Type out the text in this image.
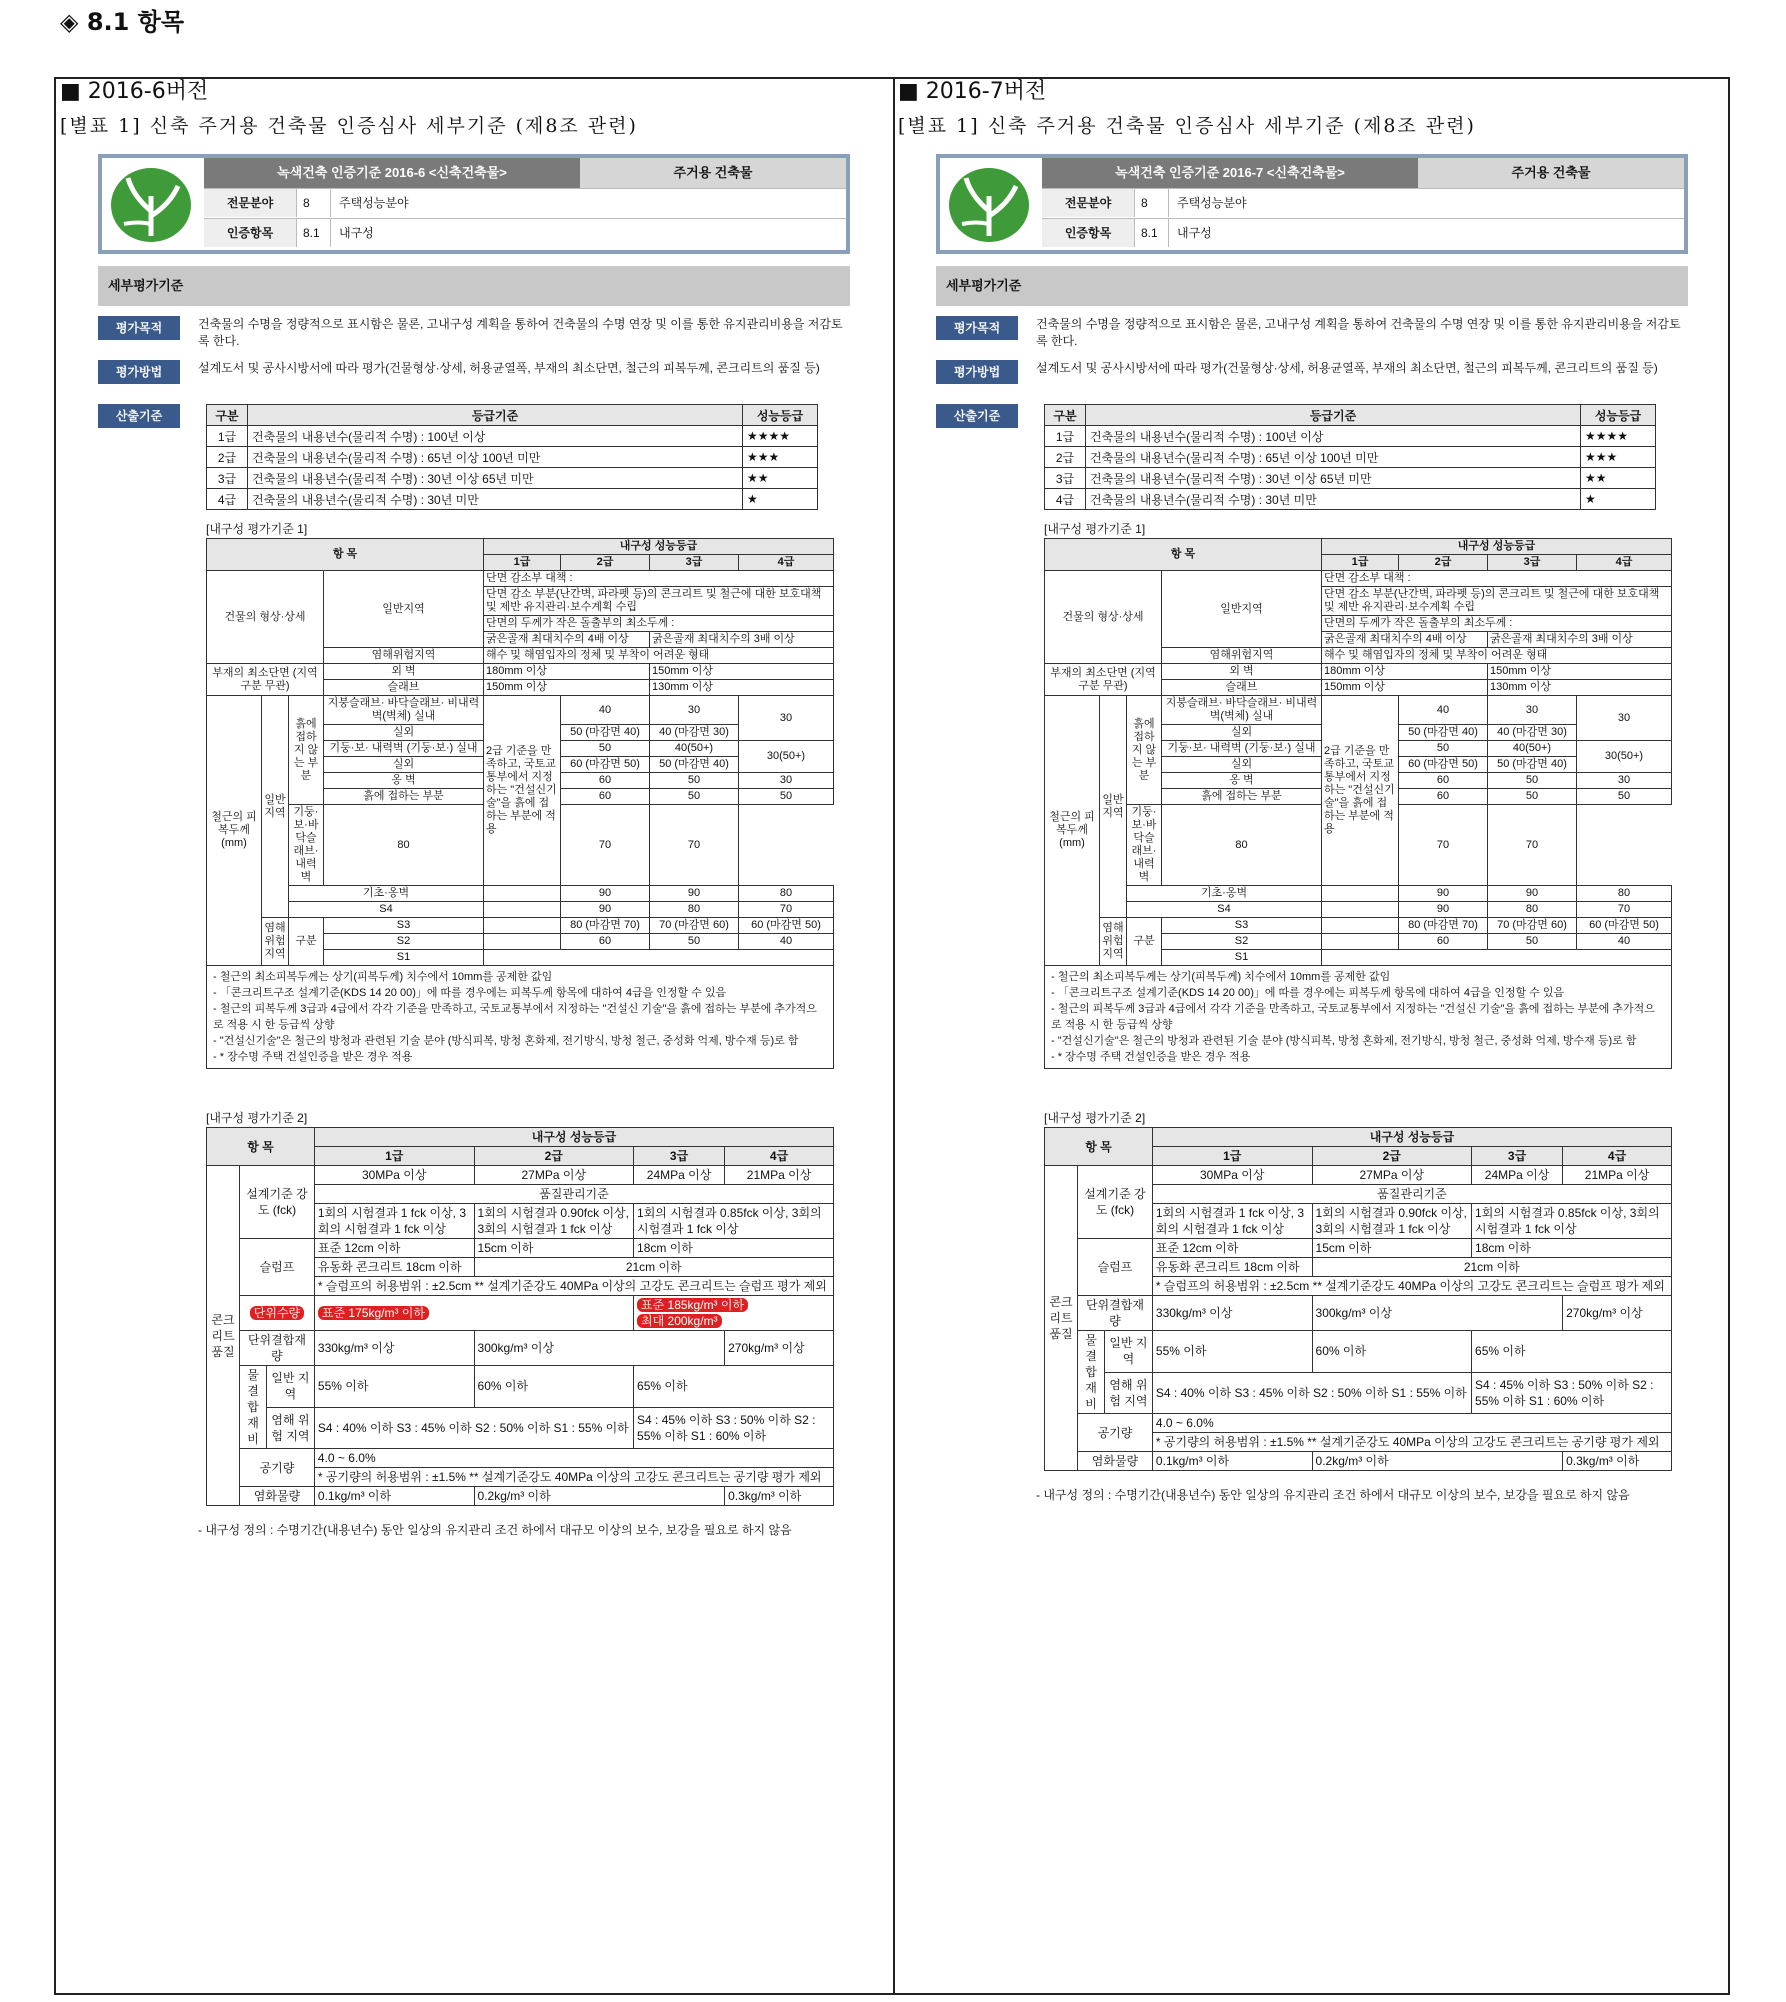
◈ 8.1 항목
■ 2016-6버전
[별표 1] 신축 주거용 건축물 인증심사 세부기준 (제8조 관련)
녹색건축 인증기준 2016-6 <신축건축물>	주거용 건축물
전문분야	8	주택성능분야
인증항목	8.1	내구성
세부평가기준
평가목적	건축물의 수명을 정량적으로 표시함은 물론, 고내구성 계획을 통하여 건축물의 수명 연장 및 이를 통한 유지관리비용을 저감토록 한다.
평가방법	설계도서 및 공사시방서에 따라 평가(건물형상·상세, 허용균열폭, 부재의 최소단면, 철근의 피복두께, 콘크리트의 품질 등)
산출기준	구분	등급기준	성능등급
1급	건축물의 내용년수(물리적 수명) : 100년 이상	★★★★
2급	건축물의 내용년수(물리적 수명) : 65년 이상 100년 미만	★★★
3급	건축물의 내용년수(물리적 수명) : 30년 이상 65년 미만	★★
4급	건축물의 내용년수(물리적 수명) : 30년 미만	★
[내구성 평가기준 1]
항 목				내구성 성능등급			
				1급	2급	3급	4급
건물의 형상·상세			일반지역	단면 감소부 대책 :			
				단면 감소 부분(난간벽, 파라펫 등)의 콘크리트 및 철근에 대한 보호대책 및 제반 유지관리·보수계획 수립			
				단면의 두께가 작은 돌출부의 최소두께 :			
				굵은골재 최대치수의 4배 이상		굵은골재 최대치수의 3배 이상	
			염해위험지역	해수 및 해염입자의 정체 및 부착이 어려운 형태			
부재의 최소단면 (지역구분 무관)			외 벽	180mm 이상		150mm 이상	
			슬래브	150mm 이상		130mm 이상	
철근의 피복두께 (mm)	일반 지역	흙에 접하지 않는 부분	지붕슬래브· 바닥슬래브· 비내력벽(벽체) 실내	2급 기준을 만족하고, 국토교통부에서 지정하는 "건설신기술"을 흙에 접하는 부분에 적용	40	30	30
			실외		50 (마감면 40)	40 (마감면 30)	
			기둥·보· 내력벽 (기둥·보·) 실내		50	40(50+)	30(50+)
			실외		60 (마감면 50)	50 (마감면 40)	
			옹 벽		60	50	30
			흙에 접하는 부분		60	50	50
		기둥·보·바닥슬래브· 내력벽	80		70	70	
		기초·옹벽			90	90	80
		S4			90	80	70
	염해 위험 지역	구분	S3		80 (마감면 70)	70 (마감면 60)	60 (마감면 50)
			S2		60	50	40
			S1				
- 철근의 최소피복두께는 상기(피복두께) 치수에서 10mm를 공제한 값임
- 「콘크리트구조 설계기준(KDS 14 20 00)」에 따를 경우에는 피복두께 항목에 대하여 4급을 인정할 수 있음
- 철근의 피복두께 3급과 4급에서 각각 기준을 만족하고, 국토교통부에서 지정하는 "건설신 기술"을 흙에 접하는 부분에 추가적으로 적용 시 한 등급씩 상향
- "건설신기술"은 철근의 방청과 관련된 기술 분야 (방식피복, 방청 혼화제, 전기방식, 방청 철근, 중성화 억제, 방수재 등)로 함
- * 장수명 주택 건설인증을 받은 경우 적용
[내구성 평가기준 2]
항 목			내구성 성능등급			
			1급	2급	3급	4급
콘크리트 품질	설계기준 강도 (fck)		30MPa 이상	27MPa 이상	24MPa 이상	21MPa 이상
			품질관리기준			
			1회의 시험결과 1 fck 이상, 3회의 시험결과 1 fck 이상	1회의 시험결과 0.90fck 이상, 3회의 시험결과 1 fck 이상	1회의 시험결과 0.85fck 이상, 3회의 시험결과 1 fck 이상	
	슬럼프		표준 12cm 이하	15cm 이하	18cm 이하	
			유동화 콘크리트 18cm 이하	21cm 이하		
			* 슬럼프의 허용범위 : ±2.5cm ** 설계기준강도 40MPa 이상의 고강도 콘크리트는 슬럼프 평가 제외			
	단위수량		표준 175kg/m³ 이하		표준 185kg/m³ 이하
최대 200kg/m³	
	단위결합재량		330kg/m³ 이상	300kg/m³ 이상		270kg/m³ 이상
	물결합재비	일반 지역	55% 이하	60% 이하	65% 이하	
		염해 위험 지역	S4 : 40% 이하 S3 : 45% 이하 S2 : 50% 이하 S1 : 55% 이하		S4 : 45% 이하 S3 : 50% 이하 S2 : 55% 이하 S1 : 60% 이하	
	공기량		4.0 ~ 6.0%			
			* 공기량의 허용범위 : ±1.5% ** 설계기준강도 40MPa 이상의 고강도 콘크리트는 공기량 평가 제외			
	염화물량		0.1kg/m³ 이하	0.2kg/m³ 이하		0.3kg/m³ 이하
- 내구성 정의 : 수명기간(내용년수) 동안 일상의 유지관리 조건 하에서 대규모 이상의 보수, 보강을 필요로 하지 않음
■ 2016-7버전
[별표 1] 신축 주거용 건축물 인증심사 세부기준 (제8조 관련)
녹색건축 인증기준 2016-7 <신축건축물>	주거용 건축물
전문분야	8	주택성능분야
인증항목	8.1	내구성
세부평가기준
평가목적	건축물의 수명을 정량적으로 표시함은 물론, 고내구성 계획을 통하여 건축물의 수명 연장 및 이를 통한 유지관리비용을 저감토록 한다.
평가방법	설계도서 및 공사시방서에 따라 평가(건물형상·상세, 허용균열폭, 부재의 최소단면, 철근의 피복두께, 콘크리트의 품질 등)
산출기준	구분	등급기준	성능등급
1급	건축물의 내용년수(물리적 수명) : 100년 이상	★★★★
2급	건축물의 내용년수(물리적 수명) : 65년 이상 100년 미만	★★★
3급	건축물의 내용년수(물리적 수명) : 30년 이상 65년 미만	★★
4급	건축물의 내용년수(물리적 수명) : 30년 미만	★
[내구성 평가기준 1]
항 목				내구성 성능등급			
				1급	2급	3급	4급
건물의 형상·상세			일반지역	단면 감소부 대책 :			
				단면 감소 부분(난간벽, 파라펫 등)의 콘크리트 및 철근에 대한 보호대책 및 제반 유지관리·보수계획 수립			
				단면의 두께가 작은 돌출부의 최소두께 :			
				굵은골재 최대치수의 4배 이상		굵은골재 최대치수의 3배 이상	
			염해위험지역	해수 및 해염입자의 정체 및 부착이 어려운 형태			
부재의 최소단면 (지역구분 무관)			외 벽	180mm 이상		150mm 이상	
			슬래브	150mm 이상		130mm 이상	
철근의 피복두께 (mm)	일반 지역	흙에 접하지 않는 부분	지붕슬래브· 바닥슬래브· 비내력벽(벽체) 실내	2급 기준을 만족하고, 국토교통부에서 지정하는 "건설신기술"을 흙에 접하는 부분에 적용	40	30	30
			실외		50 (마감면 40)	40 (마감면 30)	
			기둥·보· 내력벽 (기둥·보·) 실내		50	40(50+)	30(50+)
			실외		60 (마감면 50)	50 (마감면 40)	
			옹 벽		60	50	30
			흙에 접하는 부분		60	50	50
		기둥·보·바닥슬래브· 내력벽	80		70	70	
		기초·옹벽			90	90	80
		S4			90	80	70
	염해 위험 지역	구분	S3		80 (마감면 70)	70 (마감면 60)	60 (마감면 50)
			S2		60	50	40
			S1				
- 철근의 최소피복두께는 상기(피복두께) 치수에서 10mm를 공제한 값임
- 「콘크리트구조 설계기준(KDS 14 20 00)」에 따를 경우에는 피복두께 항목에 대하여 4급을 인정할 수 있음
- 철근의 피복두께 3급과 4급에서 각각 기준을 만족하고, 국토교통부에서 지정하는 "건설신 기술"을 흙에 접하는 부분에 추가적으로 적용 시 한 등급씩 상향
- "건설신기술"은 철근의 방청과 관련된 기술 분야 (방식피복, 방청 혼화제, 전기방식, 방청 철근, 중성화 억제, 방수재 등)로 함
- * 장수명 주택 건설인증을 받은 경우 적용
[내구성 평가기준 2]
항 목			내구성 성능등급			
			1급	2급	3급	4급
콘크리트 품질	설계기준 강도 (fck)		30MPa 이상	27MPa 이상	24MPa 이상	21MPa 이상
			품질관리기준			
			1회의 시험결과 1 fck 이상, 3회의 시험결과 1 fck 이상	1회의 시험결과 0.90fck 이상, 3회의 시험결과 1 fck 이상	1회의 시험결과 0.85fck 이상, 3회의 시험결과 1 fck 이상	
	슬럼프		표준 12cm 이하	15cm 이하	18cm 이하	
			유동화 콘크리트 18cm 이하	21cm 이하		
			* 슬럼프의 허용범위 : ±2.5cm ** 설계기준강도 40MPa 이상의 고강도 콘크리트는 슬럼프 평가 제외			
	단위결합재량		330kg/m³ 이상	300kg/m³ 이상		270kg/m³ 이상
	물결합재비	일반 지역	55% 이하	60% 이하	65% 이하	
		염해 위험 지역	S4 : 40% 이하 S3 : 45% 이하 S2 : 50% 이하 S1 : 55% 이하		S4 : 45% 이하 S3 : 50% 이하 S2 : 55% 이하 S1 : 60% 이하	
	공기량		4.0 ~ 6.0%			
			* 공기량의 허용범위 : ±1.5% ** 설계기준강도 40MPa 이상의 고강도 콘크리트는 공기량 평가 제외			
	염화물량		0.1kg/m³ 이하	0.2kg/m³ 이하		0.3kg/m³ 이하
- 내구성 정의 : 수명기간(내용년수) 동안 일상의 유지관리 조건 하에서 대규모 이상의 보수, 보강을 필요로 하지 않음
